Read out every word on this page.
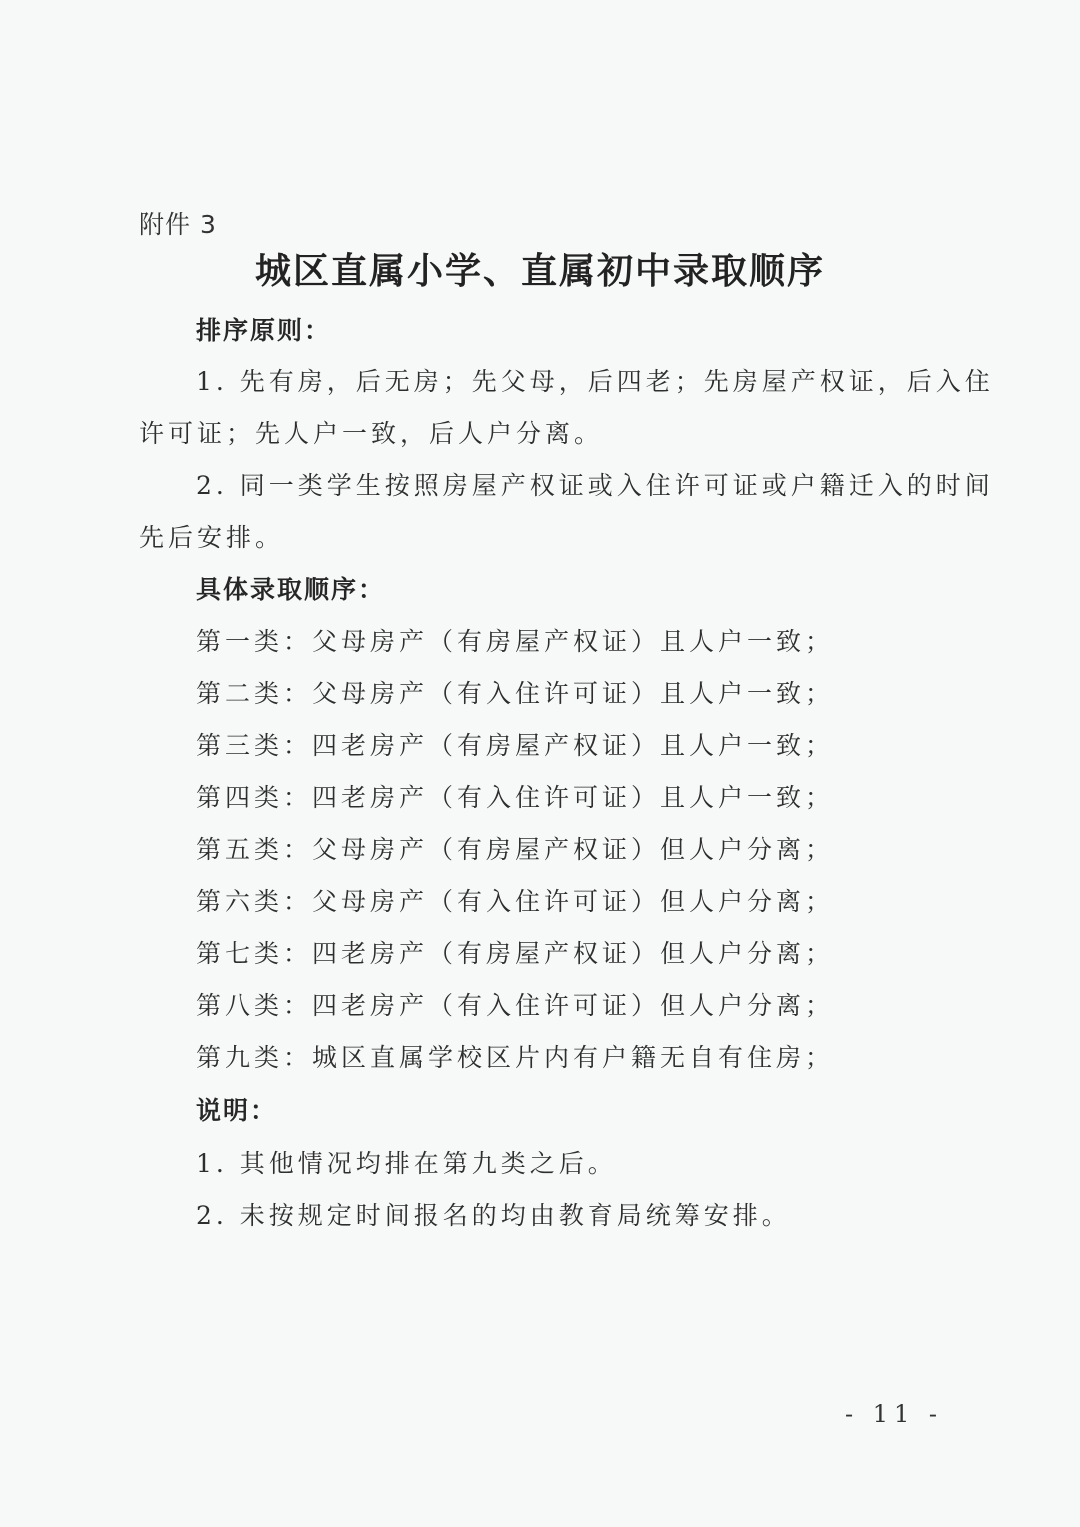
附件 3
城区直属小学、直属初中录取顺序
排序原则：
1. 先有房，后无房；先父母，后四老；先房屋产权证，后入住
许可证；先人户一致，后人户分离。
2. 同一类学生按照房屋产权证或入住许可证或户籍迁入的时间
先后安排。
具体录取顺序：
第一类：父母房产（有房屋产权证）且人户一致；
第二类：父母房产（有入住许可证）且人户一致；
第三类：四老房产（有房屋产权证）且人户一致；
第四类：四老房产（有入住许可证）且人户一致；
第五类：父母房产（有房屋产权证）但人户分离；
第六类：父母房产（有入住许可证）但人户分离；
第七类：四老房产（有房屋产权证）但人户分离；
第八类：四老房产（有入住许可证）但人户分离；
第九类：城区直属学校区片内有户籍无自有住房；
说明：
1. 其他情况均排在第九类之后。
2. 未按规定时间报名的均由教育局统筹安排。
- 11 -
